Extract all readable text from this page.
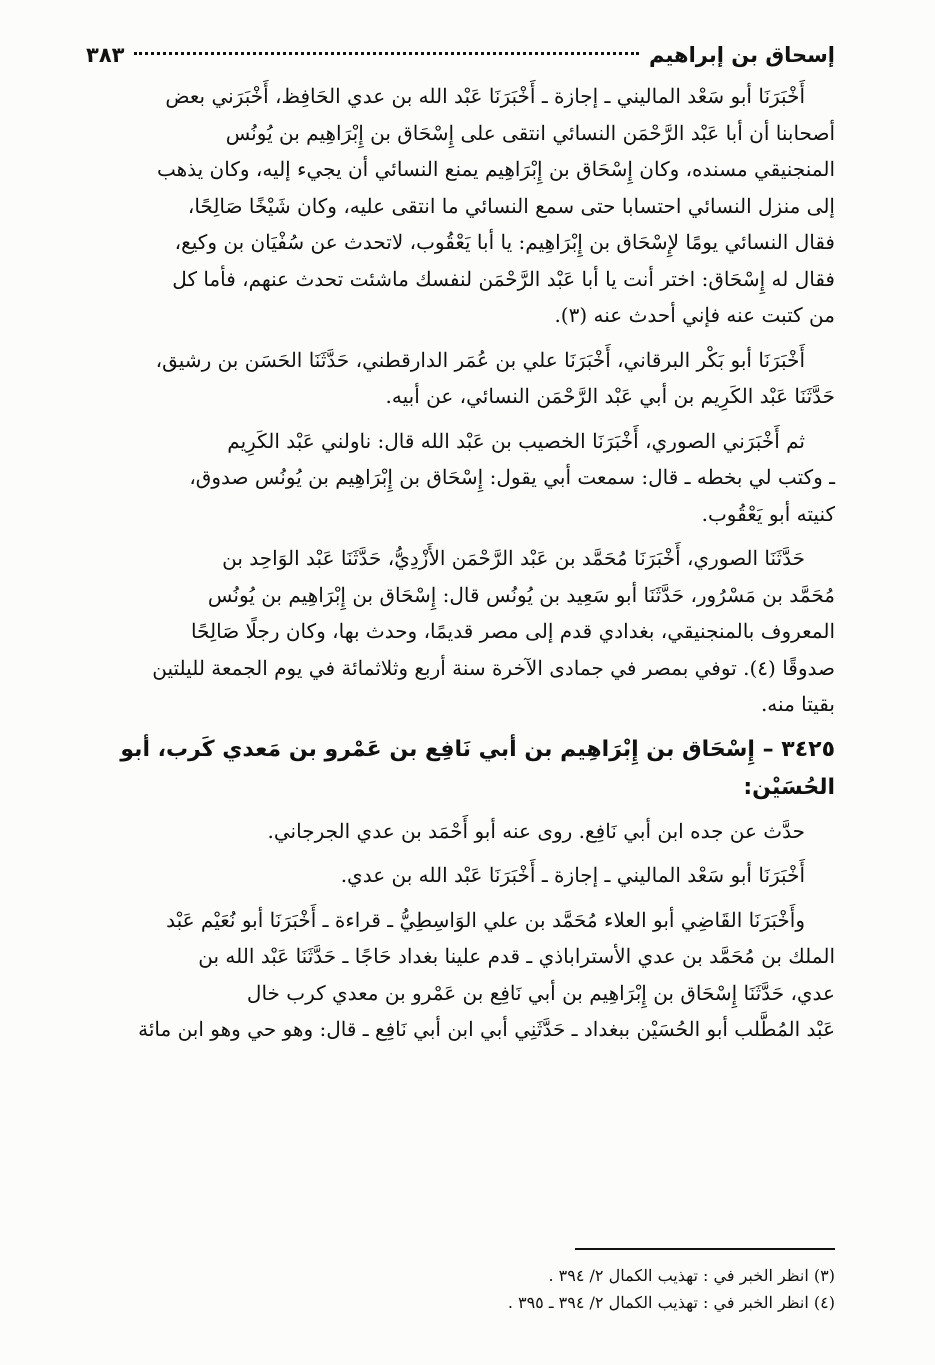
إسحاق بن إبراهيم
٣٨٣

أَخْبَرَنَا أبو سَعْد الماليني ـ إجازة ـ أَخْبَرَنَا عَبْد الله بن عدي الحَافِظ، أَخْبَرَني بعض
أصحابنا أن أبا عَبْد الرَّحْمَن النسائي انتقى على إِسْحَاق بن إِبْرَاهِيم بن يُونُس
المنجنيقي مسنده، وكان إِسْحَاق بن إِبْرَاهِيم يمنع النسائي أن يجيء إليه، وكان يذهب
إلى منزل النسائي احتسابا حتى سمع النسائي ما انتقى عليه، وكان شَيْخًا صَالِحًا،
فقال النسائي يومًا لإِسْحَاق بن إِبْرَاهِيم: يا أبا يَعْقُوب، لاتحدث عن سُفْيَان بن وكيع،
فقال له إِسْحَاق: اختر أنت يا أبا عَبْد الرَّحْمَن لنفسك ماشئت تحدث عنهم، فأما كل
من كتبت عنه فإني أحدث عنه (٣).

أَخْبَرَنَا أبو بَكْر البرقاني، أَخْبَرَنَا علي بن عُمَر الدارقطني، حَدَّثَنَا الحَسَن بن رشيق،
حَدَّثَنَا عَبْد الكَرِيم بن أبي عَبْد الرَّحْمَن النسائي، عن أبيه.

ثم أَخْبَرَني الصوري، أَخْبَرَنَا الخصيب بن عَبْد الله قال: ناولني عَبْد الكَرِيم
ـ وكتب لي بخطه ـ قال: سمعت أبي يقول: إِسْحَاق بن إِبْرَاهِيم بن يُونُس صدوق،
كنيته أبو يَعْقُوب.

حَدَّثَنَا الصوري، أَخْبَرَنَا مُحَمَّد بن عَبْد الرَّحْمَن الأَزْدِيُّ، حَدَّثَنَا عَبْد الوَاحِد بن
مُحَمَّد بن مَسْرُور، حَدَّثَنَا أبو سَعِيد بن يُونُس قال: إِسْحَاق بن إِبْرَاهِيم بن يُونُس
المعروف بالمنجنيقي، بغدادي قدم إلى مصر قديمًا، وحدث بها، وكان رجلًا صَالِحًا
صدوقًا (٤). توفي بمصر في جمادى الآخرة سنة أربع وثلاثمائة في يوم الجمعة لليلتين
بقيتا منه.

٣٤٢٥ – إِسْحَاق بن إِبْرَاهِيم بن أبي نَافِع بن عَمْرو بن مَعدي كَرب، أبو
الحُسَيْن:

حدَّث عن جده ابن أبي نَافِع. روى عنه أبو أَحْمَد بن عدي الجرجاني.

أَخْبَرَنَا أبو سَعْد الماليني ـ إجازة ـ أَخْبَرَنَا عَبْد الله بن عدي.

وأَخْبَرَنَا القَاضِي أبو العلاء مُحَمَّد بن علي الوَاسِطِيُّ ـ قراءة ـ أَخْبَرَنَا أبو نُعَيْم عَبْد
الملك بن مُحَمَّد بن عدي الأستراباذي ـ قدم علينا بغداد حَاجًا ـ حَدَّثَنَا عَبْد الله بن
عدي، حَدَّثَنَا إِسْحَاق بن إِبْرَاهِيم بن أبي نَافِع بن عَمْرو بن معدي كرب خال
عَبْد المُطَّلب أبو الحُسَيْن ببغداد ـ حَدَّثَنِي أبي ابن أبي نَافِع ـ قال: وهو حي وهو ابن مائة

(٣) انظر الخبر في : تهذيب الكمال ٢/ ٣٩٤ .
(٤) انظر الخبر في : تهذيب الكمال ٢/ ٣٩٤ ـ ٣٩٥ .
